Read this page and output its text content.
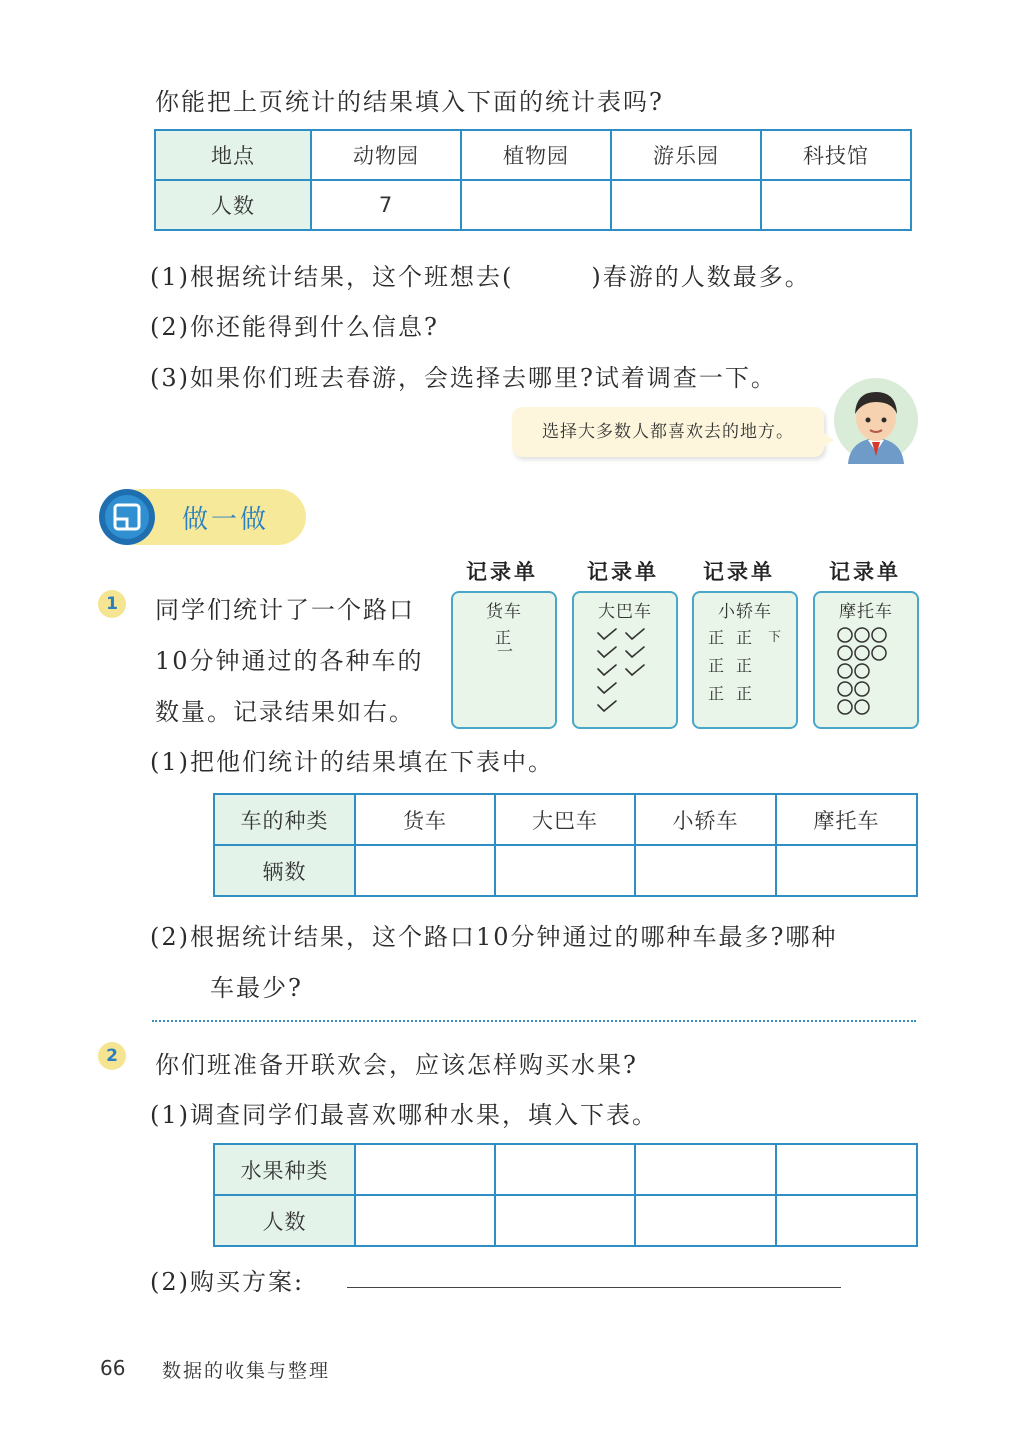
你能把上页统计的结果填入下面的统计表吗?
地点	动物园	植物园	游乐园	科技馆
人数	7			
(1)根据统计结果，这个班想去(　　　)春游的人数最多。
(2)你还能得到什么信息?
(3)如果你们班去春游，会选择去哪里?试着调查一下。
选择大多数人都喜欢去的地方。
做一做
1	同学们统计了一个路口
10分钟通过的各种车的
数量。记录结果如右。
记录单	记录单	记录单	记录单
货车
正
一
大巴车	小轿车
正 正 下
正 正
正 正
摩托车
(1)把他们统计的结果填在下表中。
车的种类	货车	大巴车	小轿车	摩托车
辆数				
(2)根据统计结果，这个路口10分钟通过的哪种车最多?哪种
车最少?
2	你们班准备开联欢会，应该怎样购买水果?
(1)调查同学们最喜欢哪种水果，填入下表。
水果种类				
人数				
(2)购买方案:
66 数据的收集与整理
